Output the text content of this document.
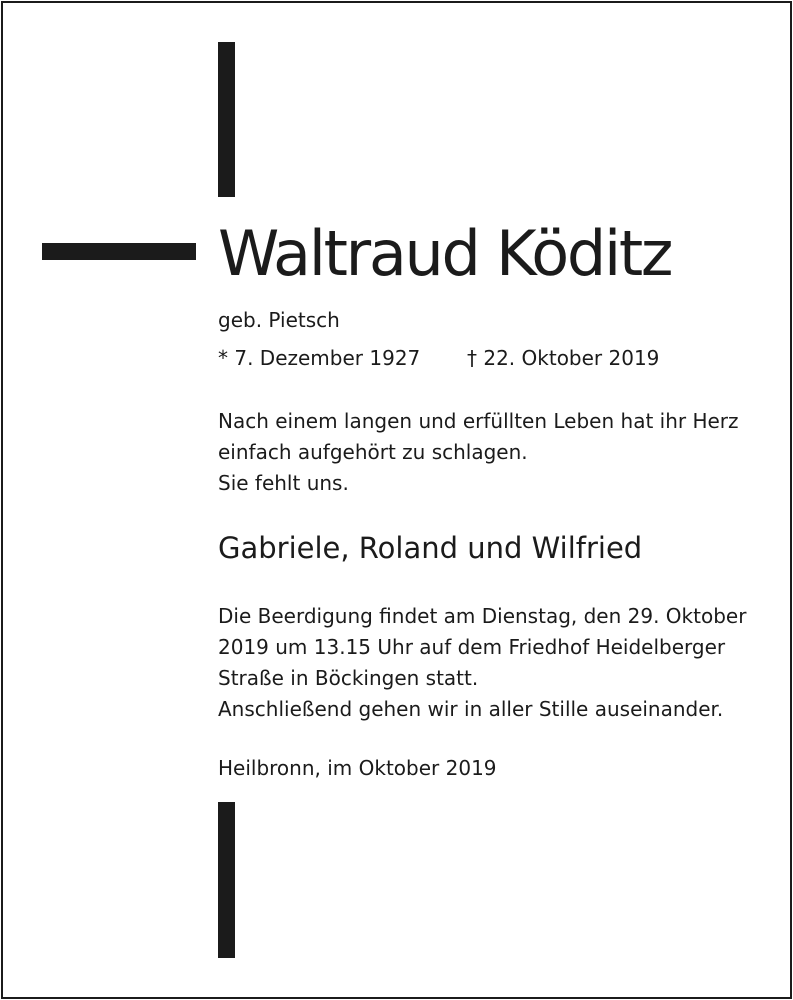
Waltraud Köditz

geb. Pietsch

* 7. Dezember 1927 † 22. Oktober 2019

Nach einem langen und erfüllten Leben hat ihr Herz
einfach aufgehört zu schlagen.
Sie fehlt uns.

Gabriele, Roland und Wilfried

Die Beerdigung findet am Dienstag, den 29. Oktober
2019 um 13.15 Uhr auf dem Friedhof Heidelberger
Straße in Böckingen statt.
Anschließend gehen wir in aller Stille auseinander.

Heilbronn, im Oktober 2019
